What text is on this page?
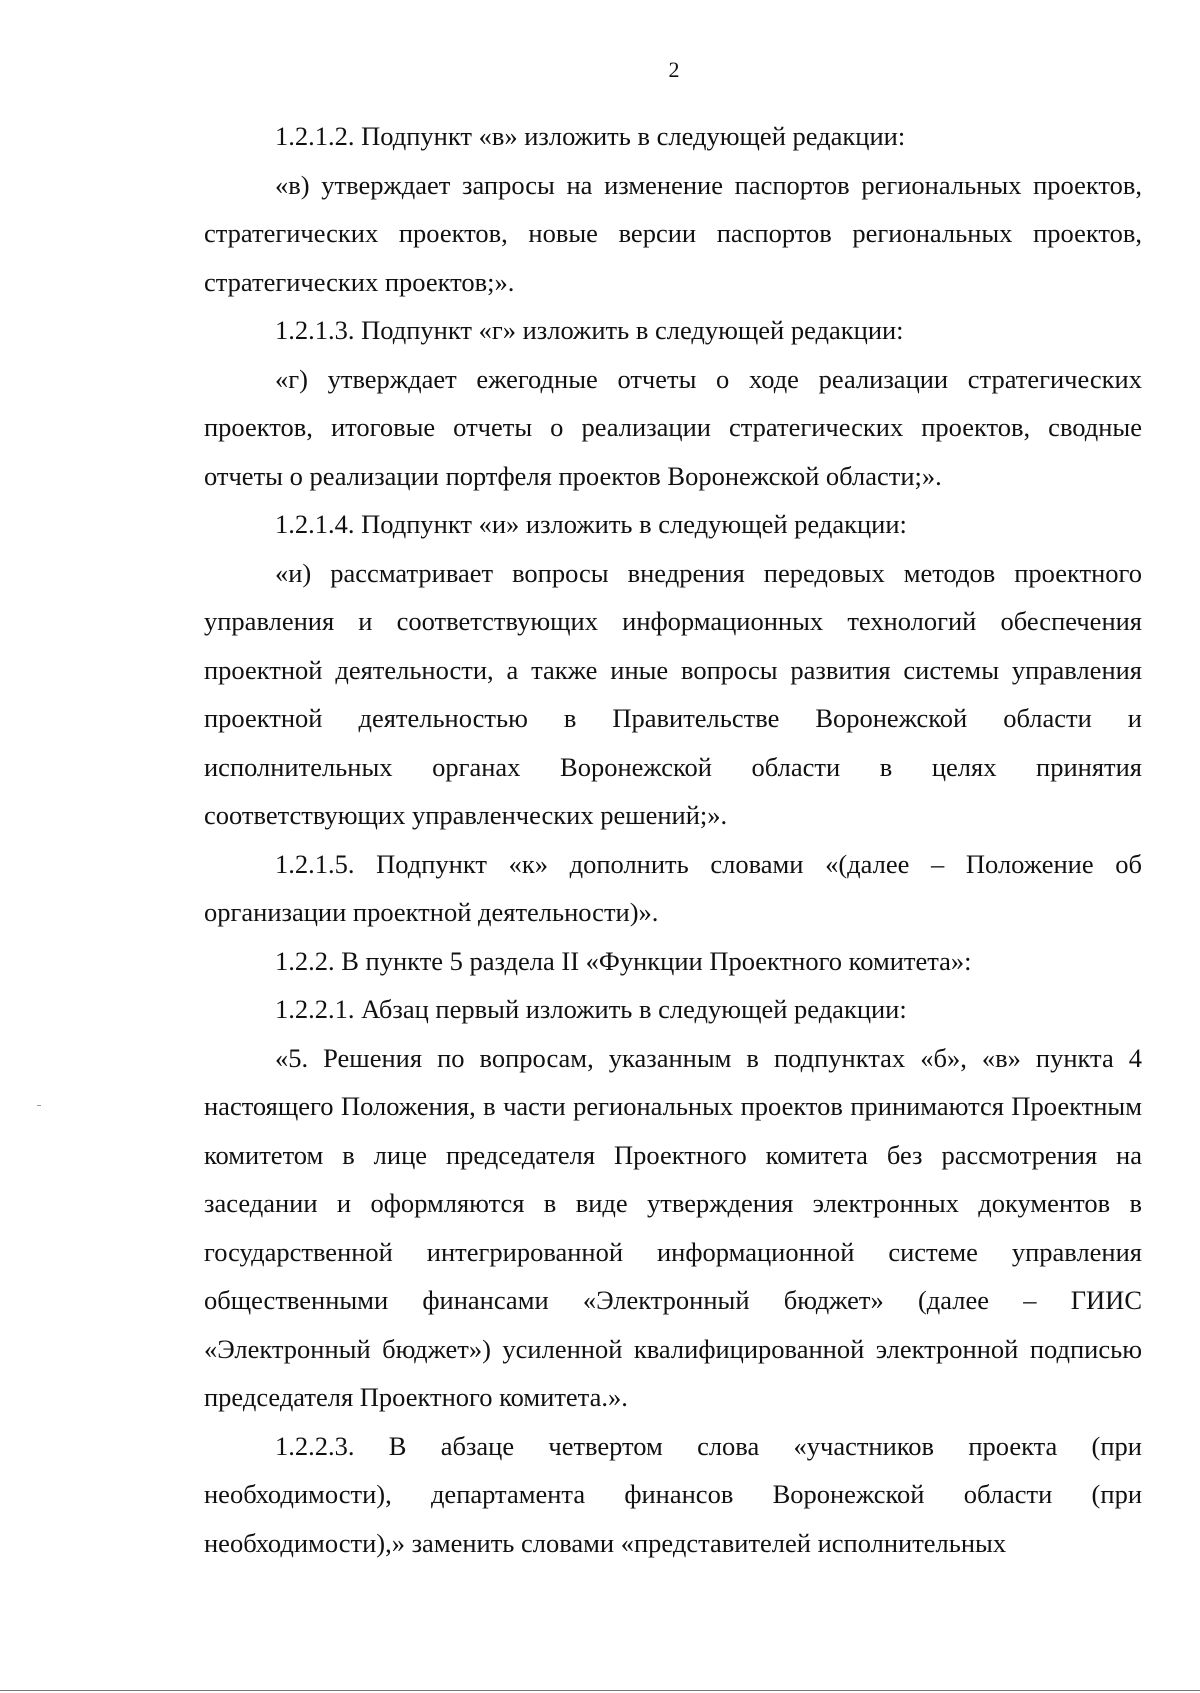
2

1.2.1.2. Подпункт «в» изложить в следующей редакции:

«в) утверждает запросы на изменение паспортов региональных проектов, стратегических проектов, новые версии паспортов региональных проектов, стратегических проектов;».

1.2.1.3. Подпункт «г» изложить в следующей редакции:

«г) утверждает ежегодные отчеты о ходе реализации стратегических проектов, итоговые отчеты о реализации стратегических проектов, сводные отчеты о реализации портфеля проектов Воронежской области;».

1.2.1.4. Подпункт «и» изложить в следующей редакции:

«и) рассматривает вопросы внедрения передовых методов проектного управления и соответствующих информационных технологий обеспечения проектной деятельности, а также иные вопросы развития системы управления проектной деятельностью в Правительстве Воронежской области и исполнительных органах Воронежской области в целях принятия соответствующих управленческих решений;».

1.2.1.5. Подпункт «к» дополнить словами «(далее – Положение об организации проектной деятельности)».

1.2.2. В пункте 5 раздела II «Функции Проектного комитета»:

1.2.2.1. Абзац первый изложить в следующей редакции:

«5. Решения по вопросам, указанным в подпунктах «б», «в» пункта 4 настоящего Положения, в части региональных проектов принимаются Проектным комитетом в лице председателя Проектного комитета без рассмотрения на заседании и оформляются в виде утверждения электронных документов в государственной интегрированной информационной системе управления общественными финансами «Электронный бюджет» (далее – ГИИС «Электронный бюджет») усиленной квалифицированной электронной подписью председателя Проектного комитета.».

1.2.2.3. В абзаце четвертом слова «участников проекта (при необходимости), департамента финансов Воронежской области (при необходимости),» заменить словами «представителей исполнительных
